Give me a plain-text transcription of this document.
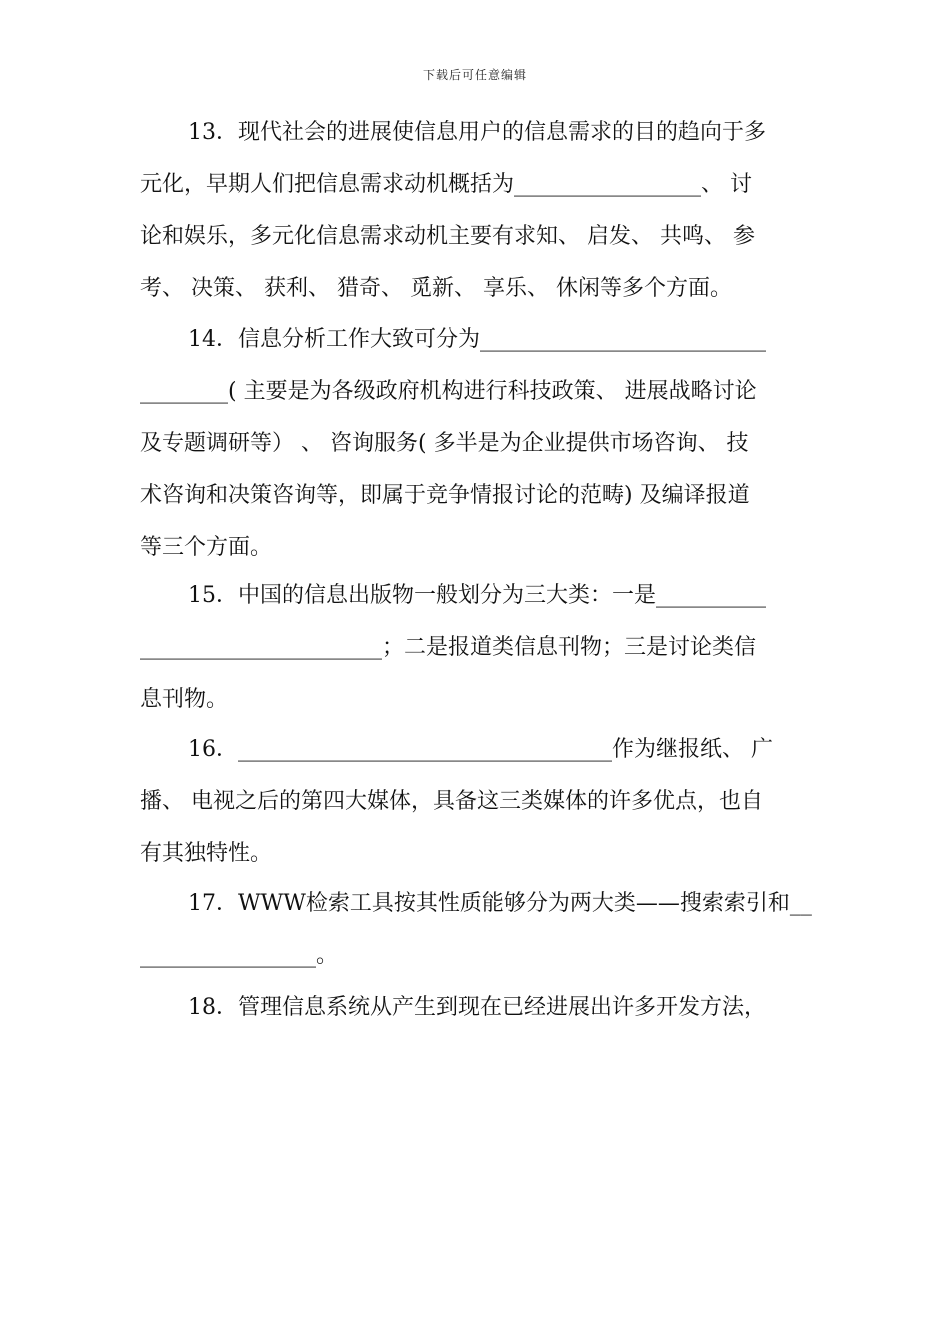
下载后可任意编辑
13．现代社会的进展使信息用户的信息需求的目的趋向于多
元化，早期人们把信息需求动机概括为_________________、 讨
论和娱乐，多元化信息需求动机主要有求知、 启发、 共鸣、 参
考、 决策、 获利、 猎奇、 觅新、 享乐、 休闲等多个方面。
14．信息分析工作大致可分为__________________________
________( 主要是为各级政府机构进行科技政策、 进展战略讨论
及专题调研等） 、 咨询服务( 多半是为企业提供市场咨询、 技
术咨询和决策咨询等，即属于竞争情报讨论的范畴) 及编译报道
等三个方面。
15．中国的信息出版物一般划分为三大类：一是__________
______________________；二是报道类信息刊物；三是讨论类信
息刊物。
16．__________________________________作为继报纸、 广
播、 电视之后的第四大媒体，具备这三类媒体的许多优点，也自
有其独特性。
17．WWW检索工具按其性质能够分为两大类——搜索索引和__
________________。
18．管理信息系统从产生到现在已经进展出许多开发方法，
